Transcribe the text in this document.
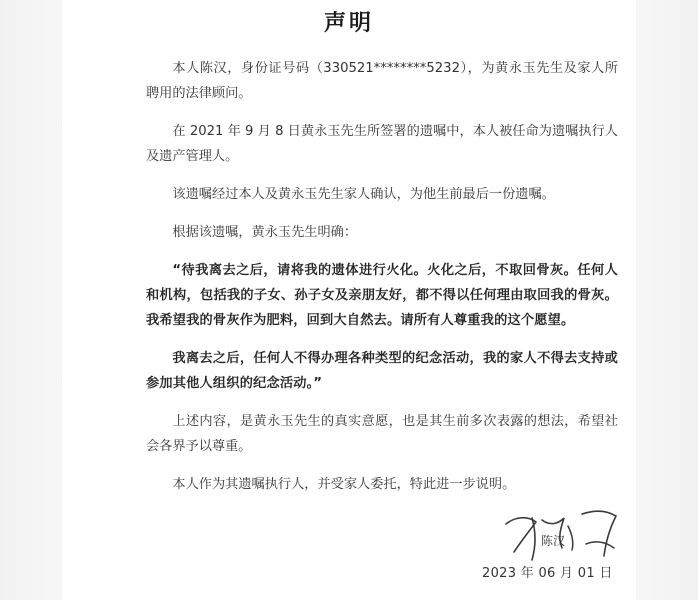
声明

本人陈汉，身份证号码（330521********5232），为黄永玉先生及家人所聘用的法律顾问。

在 2021 年 9 月 8 日黄永玉先生所签署的遗嘱中，本人被任命为遗嘱执行人及遗产管理人。

该遗嘱经过本人及黄永玉先生家人确认，为他生前最后一份遗嘱。

根据该遗嘱，黄永玉先生明确：

“待我离去之后，请将我的遗体进行火化。火化之后，不取回骨灰。任何人和机构，包括我的子女、孙子女及亲朋友好，都不得以任何理由取回我的骨灰。我希望我的骨灰作为肥料，回到大自然去。请所有人尊重我的这个愿望。

我离去之后，任何人不得办理各种类型的纪念活动，我的家人不得去支持或参加其他人组织的纪念活动。”

上述内容，是黄永玉先生的真实意愿，也是其生前多次表露的想法，希望社会各界予以尊重。

本人作为其遗嘱执行人，并受家人委托，特此进一步说明。

陈汉
2023 年 06 月 01 日
